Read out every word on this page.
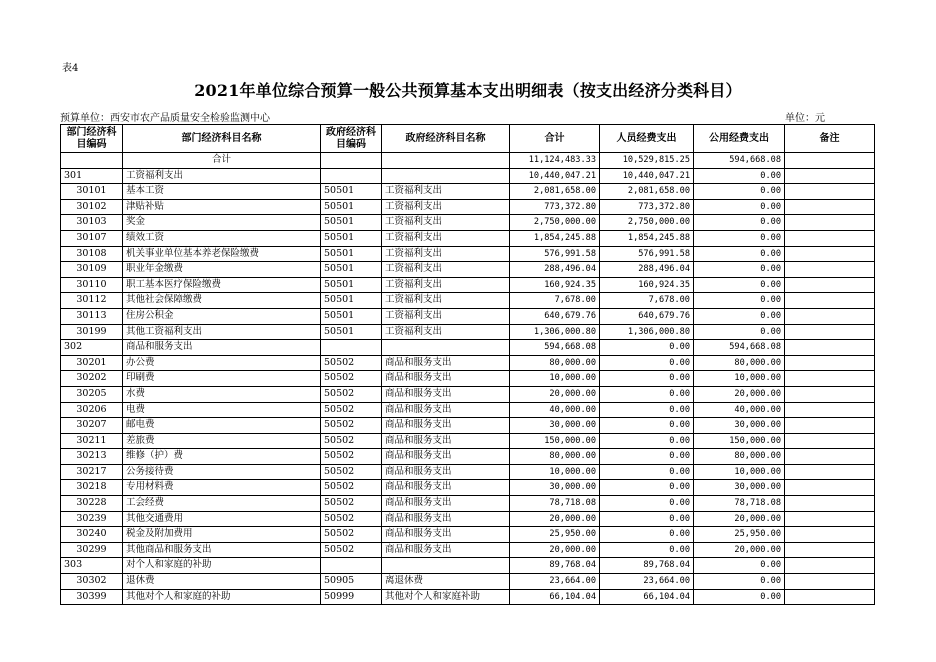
表4
2021年单位综合预算一般公共预算基本支出明细表（按支出经济分类科目）
预算单位：西安市农产品质量安全检验监测中心	单位：元
部门经济科目编码	部门经济科目名称	政府经济科目编码	政府经济科目名称	合计	人员经费支出	公用经费支出	备注
	合计			11,124,483.33	10,529,815.25	594,668.08	
301	工资福利支出			10,440,047.21	10,440,047.21	0.00	
30101	基本工资	50501	工资福利支出	2,081,658.00	2,081,658.00	0.00	
30102	津贴补贴	50501	工资福利支出	773,372.80	773,372.80	0.00	
30103	奖金	50501	工资福利支出	2,750,000.00	2,750,000.00	0.00	
30107	绩效工资	50501	工资福利支出	1,854,245.88	1,854,245.88	0.00	
30108	机关事业单位基本养老保险缴费	50501	工资福利支出	576,991.58	576,991.58	0.00	
30109	职业年金缴费	50501	工资福利支出	288,496.04	288,496.04	0.00	
30110	职工基本医疗保险缴费	50501	工资福利支出	160,924.35	160,924.35	0.00	
30112	其他社会保障缴费	50501	工资福利支出	7,678.00	7,678.00	0.00	
30113	住房公积金	50501	工资福利支出	640,679.76	640,679.76	0.00	
30199	其他工资福利支出	50501	工资福利支出	1,306,000.80	1,306,000.80	0.00	
302	商品和服务支出			594,668.08	0.00	594,668.08	
30201	办公费	50502	商品和服务支出	80,000.00	0.00	80,000.00	
30202	印刷费	50502	商品和服务支出	10,000.00	0.00	10,000.00	
30205	水费	50502	商品和服务支出	20,000.00	0.00	20,000.00	
30206	电费	50502	商品和服务支出	40,000.00	0.00	40,000.00	
30207	邮电费	50502	商品和服务支出	30,000.00	0.00	30,000.00	
30211	差旅费	50502	商品和服务支出	150,000.00	0.00	150,000.00	
30213	维修（护）费	50502	商品和服务支出	80,000.00	0.00	80,000.00	
30217	公务接待费	50502	商品和服务支出	10,000.00	0.00	10,000.00	
30218	专用材料费	50502	商品和服务支出	30,000.00	0.00	30,000.00	
30228	工会经费	50502	商品和服务支出	78,718.08	0.00	78,718.08	
30239	其他交通费用	50502	商品和服务支出	20,000.00	0.00	20,000.00	
30240	税金及附加费用	50502	商品和服务支出	25,950.00	0.00	25,950.00	
30299	其他商品和服务支出	50502	商品和服务支出	20,000.00	0.00	20,000.00	
303	对个人和家庭的补助			89,768.04	89,768.04	0.00	
30302	退休费	50905	离退休费	23,664.00	23,664.00	0.00	
30399	其他对个人和家庭的补助	50999	其他对个人和家庭补助	66,104.04	66,104.04	0.00	
